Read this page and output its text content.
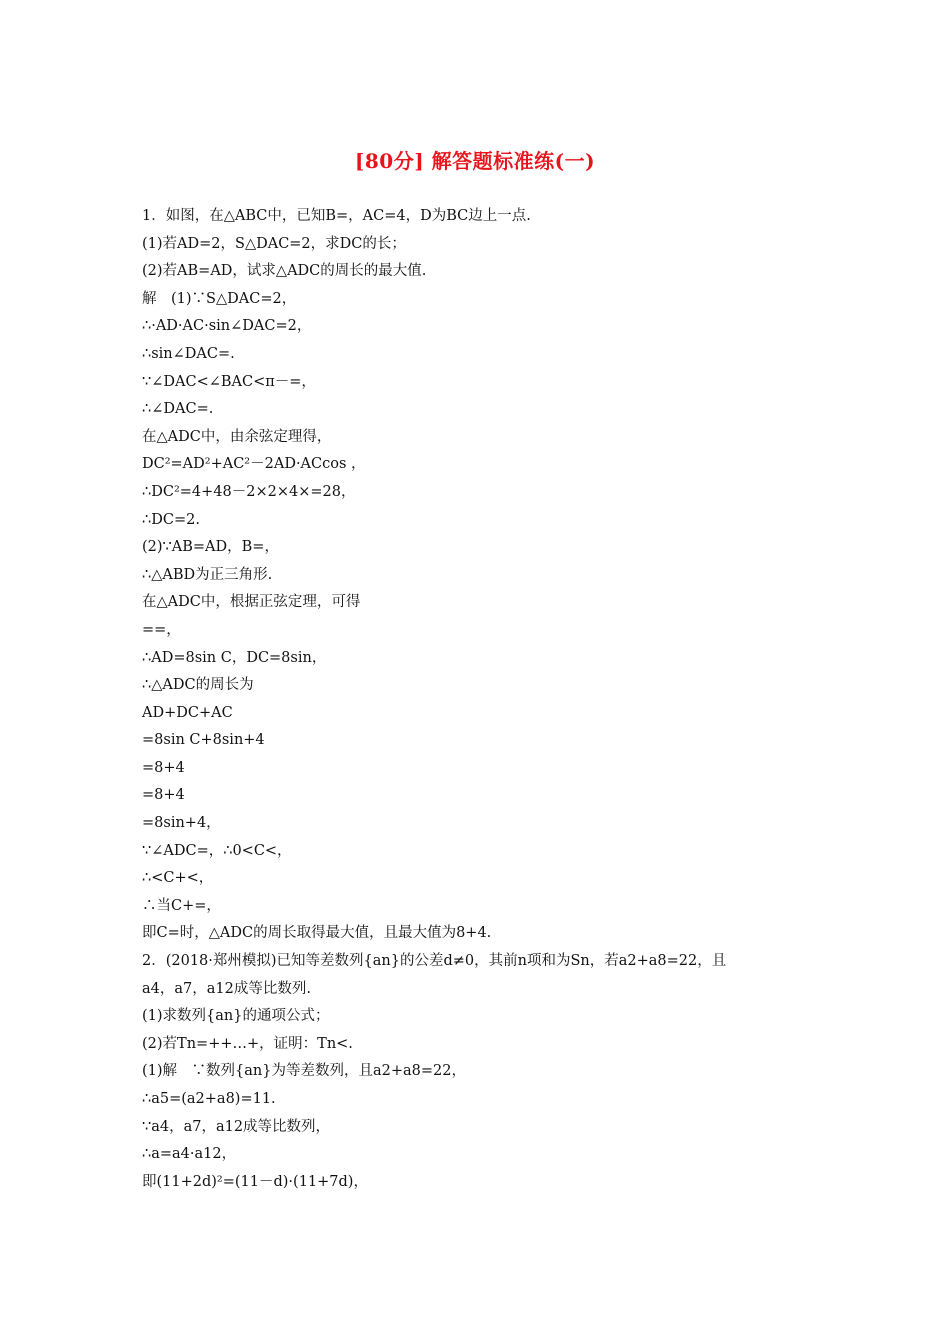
[80分] 解答题标准练(一)
1．如图，在△ABC中，已知B=，AC=4，D为BC边上一点.
(1)若AD=2，S△DAC=2，求DC的长；
(2)若AB=AD，试求△ADC的周长的最大值.
解　(1)∵S△DAC=2，
∴·AD·AC·sin∠DAC=2，
∴sin∠DAC=.
∵∠DAC<∠BAC<π－=，
∴∠DAC=.
在△ADC中，由余弦定理得，
DC²=AD²+AC²－2AD·ACcos ，
∴DC²=4+48－2×2×4×=28，
∴DC=2.
(2)∵AB=AD，B=，
∴△ABD为正三角形.
在△ADC中，根据正弦定理，可得
==，
∴AD=8sin C，DC=8sin，
∴△ADC的周长为
AD+DC+AC
=8sin C+8sin+4
=8+4
=8+4
=8sin+4，
∵∠ADC=，∴0<C<，
∴<C+<，
∴当C+=，
即C=时，△ADC的周长取得最大值，且最大值为8+4.
2．(2018·郑州模拟)已知等差数列{an}的公差d≠0，其前n项和为Sn，若a2+a8=22，且
a4，a7，a12成等比数列.
(1)求数列{an}的通项公式；
(2)若Tn=++…+，证明：Tn<.
(1)解　∵数列{an}为等差数列，且a2+a8=22，
∴a5=(a2+a8)=11.
∵a4，a7，a12成等比数列，
∴a=a4·a12，
即(11+2d)²=(11－d)·(11+7d)，
